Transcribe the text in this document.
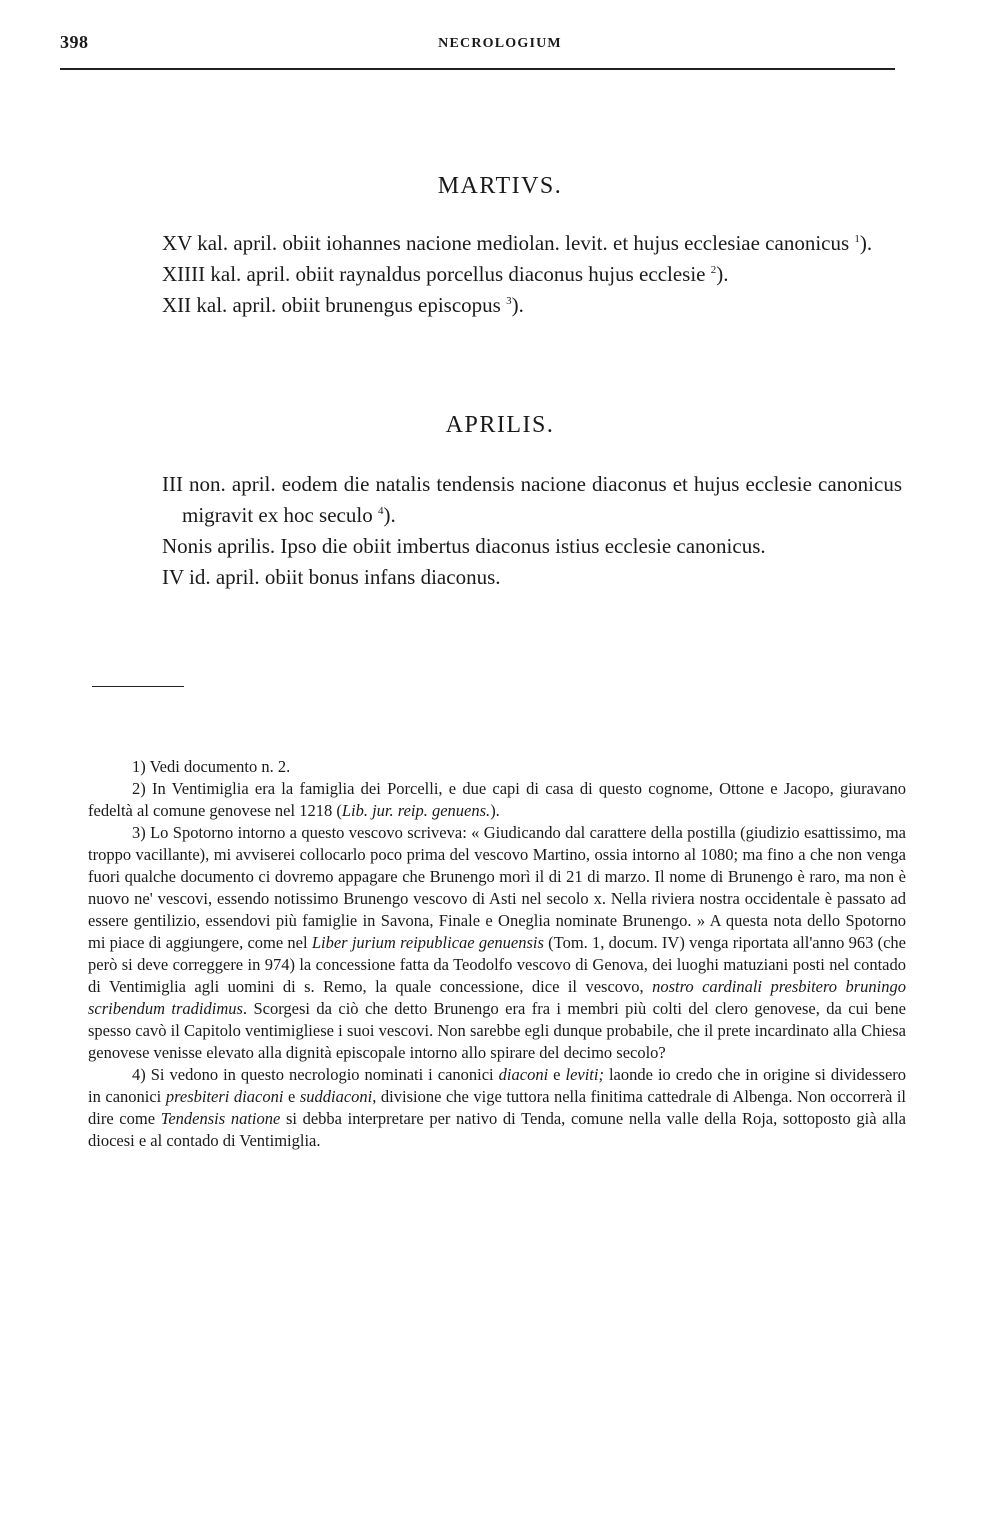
398	NECROLOGIUM
MARTIVS.
XV kal. april. obiit iohannes nacione mediolan. levit. et hujus ecclesiae canonicus $^1$).
XIIII kal. april. obiit raynaldus porcellus diaconus hujus ecclesie $^2$).
XII kal. april. obiit brunengus episcopus $^3$).
APRILIS.
III non. april. eodem die natalis tendensis nacione diaconus et hujus ecclesie canonicus migravit ex hoc seculo $^4$).
Nonis aprilis. Ipso die obiit imbertus diaconus istius ecclesie canonicus.
IV id. april. obiit bonus infans diaconus.

1) Vedi documento n. 2.

2) In Ventimiglia era la famiglia dei Porcelli, e due capi di casa di questo cognome, Ottone e Jacopo, giuravano fedeltà al comune genovese nel 1218 (Lib. jur. reip. genuens.).

3) Lo Spotorno intorno a questo vescovo scriveva: « Giudicando dal carattere della postilla (giudizio esattissimo, ma troppo vacillante), mi avviserei collocarlo poco prima del vescovo Martino, ossia intorno al 1080; ma fino a che non venga fuori qualche documento ci dovremo appagare che Brunengo morì il di 21 di marzo. Il nome di Brunengo è raro, ma non è nuovo ne' vescovi, essendo notissimo Brunengo vescovo di Asti nel secolo x. Nella riviera nostra occidentale è passato ad essere gentilizio, essendovi più famiglie in Savona, Finale e Oneglia nominate Brunengo. » A questa nota dello Spotorno mi piace di aggiungere, come nel Liber jurium reipublicae genuensis (Tom. 1, docum. IV) venga riportata all'anno 963 (che però si deve correggere in 974) la concessione fatta da Teodolfo vescovo di Genova, dei luoghi matuziani posti nel contado di Ventimiglia agli uomini di s. Remo, la quale concessione, dice il vescovo, nostro cardinali presbitero bruningo scribendum tradidimus. Scorgesi da ciò che detto Brunengo era fra i membri più colti del clero genovese, da cui bene spesso cavò il Capitolo ventimigliese i suoi vescovi. Non sarebbe egli dunque probabile, che il prete incardinato alla Chiesa genovese venisse elevato alla dignità episcopale intorno allo spirare del decimo secolo?

4) Si vedono in questo necrologio nominati i canonici diaconi e leviti; laonde io credo che in origine si dividessero in canonici presbiteri diaconi e suddiaconi, divisione che vige tuttora nella finitima cattedrale di Albenga. Non occorrerà il dire come Tendensis natione si debba interpretare per nativo di Tenda, comune nella valle della Roja, sottoposto già alla diocesi e al contado di Ventimiglia.
